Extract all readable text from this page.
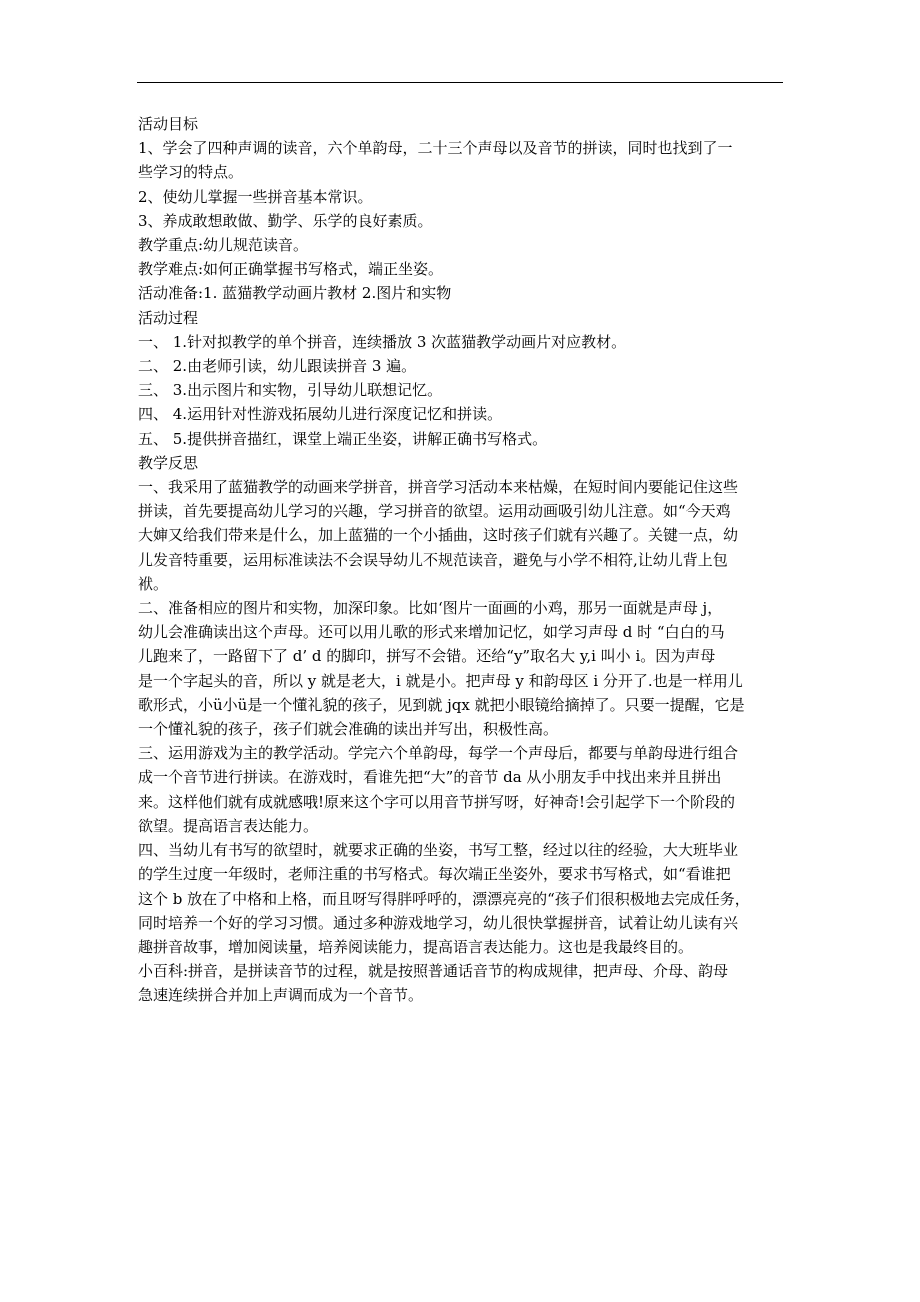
活动目标
1、学会了四种声调的读音，六个单韵母，二十三个声母以及音节的拼读，同时也找到了一
些学习的特点。
2、使幼儿掌握一些拼音基本常识。
3、养成敢想敢做、勤学、乐学的良好素质。
教学重点:幼儿规范读音。
教学难点:如何正确掌握书写格式，端正坐姿。
活动准备:1. 蓝猫教学动画片教材 2.图片和实物
活动过程
一、 1.针对拟教学的单个拼音，连续播放 3 次蓝猫教学动画片对应教材。
二、 2.由老师引读，幼儿跟读拼音 3 遍。
三、 3.出示图片和实物，引导幼儿联想记忆。
四、 4.运用针对性游戏拓展幼儿进行深度记忆和拼读。
五、 5.提供拼音描红，课堂上端正坐姿，讲解正确书写格式。
教学反思
一、我采用了蓝猫教学的动画来学拼音，拼音学习活动本来枯燥，在短时间内要能记住这些
拼读，首先要提高幼儿学习的兴趣，学习拼音的欲望。运用动画吸引幼儿注意。如“今天鸡
大婶又给我们带来是什么，加上蓝猫的一个小插曲，这时孩子们就有兴趣了。关键一点，幼
儿发音特重要，运用标准读法不会误导幼儿不规范读音，避免与小学不相符,让幼儿背上包
袱。
二、准备相应的图片和实物，加深印象。比如‘图片一面画的小鸡，那另一面就是声母 j，
幼儿会准确读出这个声母。还可以用儿歌的形式来增加记忆，如学习声母 d 时 “白白的马
儿跑来了，一路留下了 d’ d 的脚印，拼写不会错。还给“y”取名大 y,i 叫小 i。因为声母
是一个字起头的音，所以 y 就是老大，i 就是小。把声母 y 和韵母区 i 分开了.也是一样用儿
歌形式，小ü小ü是一个懂礼貌的孩子，见到就 jqx 就把小眼镜给摘掉了。只要一提醒，它是
一个懂礼貌的孩子，孩子们就会准确的读出并写出，积极性高。
三、运用游戏为主的教学活动。学完六个单韵母，每学一个声母后，都要与单韵母进行组合
成一个音节进行拼读。在游戏时，看谁先把“大”的音节 da 从小朋友手中找出来并且拼出
来。这样他们就有成就感哦!原来这个字可以用音节拼写呀，好神奇!会引起学下一个阶段的
欲望。提高语言表达能力。
四、当幼儿有书写的欲望时，就要求正确的坐姿，书写工整，经过以往的经验，大大班毕业
的学生过度一年级时，老师注重的书写格式。每次端正坐姿外，要求书写格式，如“看谁把
这个 b 放在了中格和上格，而且呀写得胖呼呼的，漂漂亮亮的“孩子们很积极地去完成任务，
同时培养一个好的学习习惯。通过多种游戏地学习，幼儿很快掌握拼音，试着让幼儿读有兴
趣拼音故事，增加阅读量，培养阅读能力，提高语言表达能力。这也是我最终目的。
小百科:拼音，是拼读音节的过程，就是按照普通话音节的构成规律，把声母、介母、韵母
急速连续拼合并加上声调而成为一个音节。
